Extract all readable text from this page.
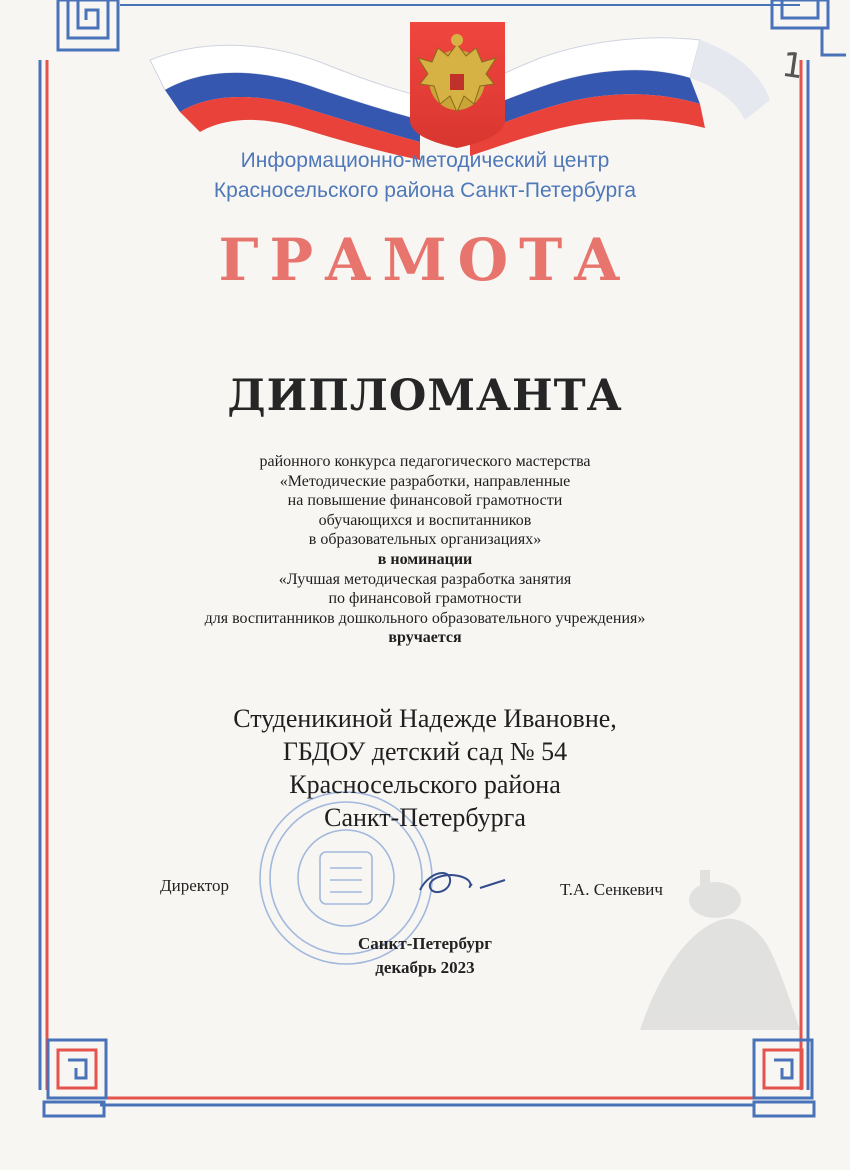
1
Информационно-методический центр
Красносельского района Санкт-Петербурга
ГРАМОТА
ДИПЛОМАНТА
районного конкурса педагогического мастерства
«Методические разработки, направленные
на повышение финансовой грамотности
обучающихся и воспитанников
в образовательных организациях»
в номинации
«Лучшая методическая разработка занятия
по финансовой грамотности
для воспитанников дошкольного образовательного учреждения»
вручается
Студеникиной Надежде Ивановне,
ГБДОУ детский сад № 54
Красносельского района
Санкт-Петербурга
Директор	Т.А. Сенкевич
Санкт-Петербург
декабрь 2023
